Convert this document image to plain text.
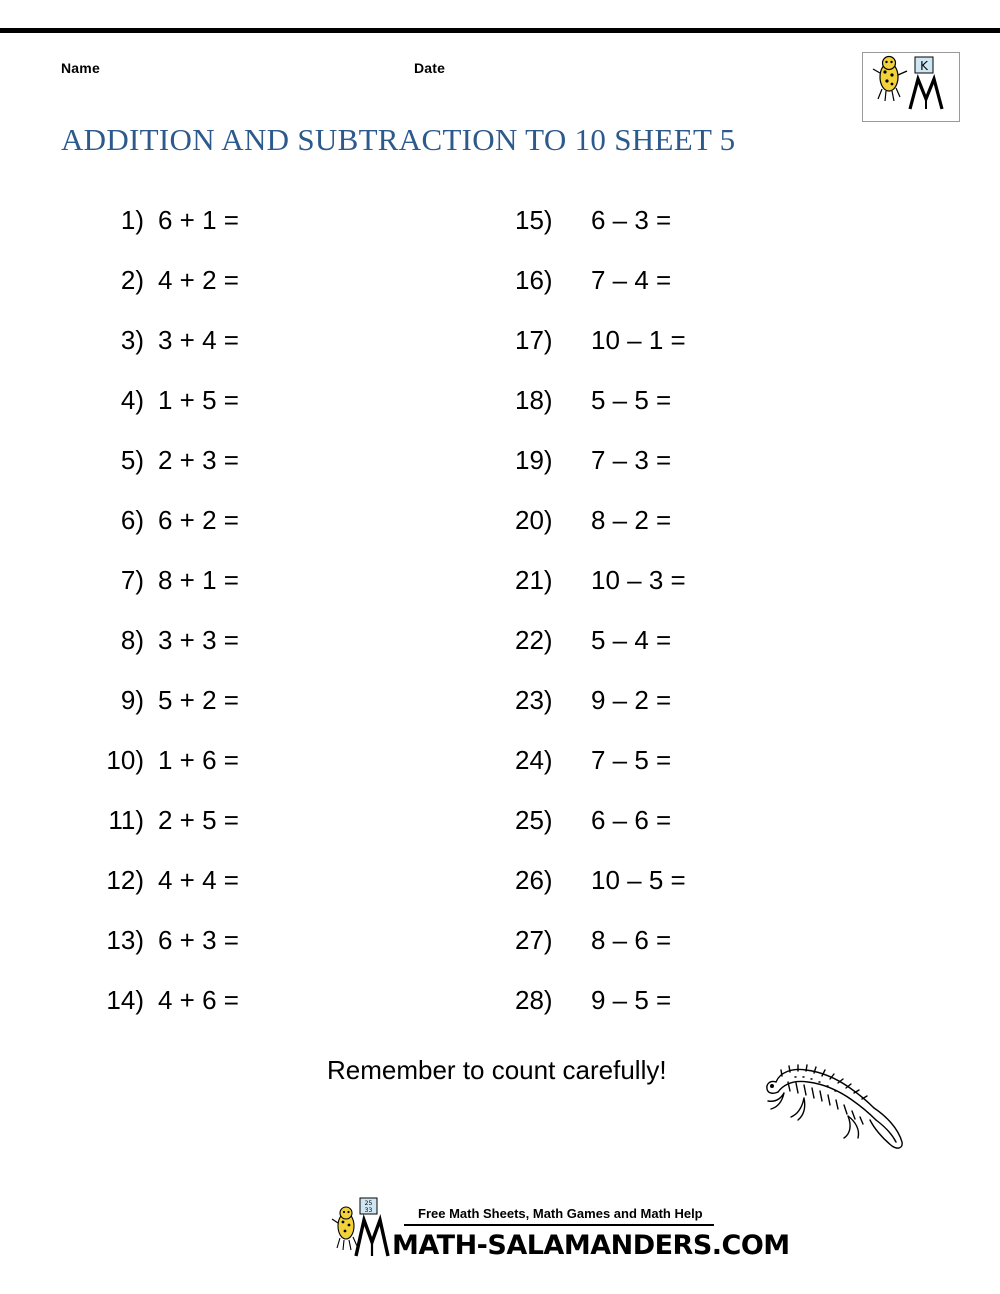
Name	Date
ADDITION AND SUBTRACTION TO 10 SHEET 5
K
1) 6 + 1 =
2) 4 + 2 =
3) 3 + 4 =
4) 1 + 5 =
5) 2 + 3 =
6) 6 + 2 =
7) 8 + 1 =
8) 3 + 3 =
9) 5 + 2 =
10) 1 + 6 =
11) 2 + 5 =
12) 4 + 4 =
13) 6 + 3 =
14) 4 + 6 =
15)	6 – 3 =
16)	7 – 4 =
17)	10 – 1 =
18)	5 – 5 =
19)	7 – 3 =
20)	8 – 2 =
21)	10 – 3 =
22)	5 – 4 =
23)	9 – 2 =
24)	7 – 5 =
25)	6 – 6 =
26)	10 – 5 =
27)	8 – 6 =
28)	9 – 5 =
Remember to count carefully!
25
33	Free Math Sheets, Math Games and Math Help
MATH-SALAMANDERS.COM
